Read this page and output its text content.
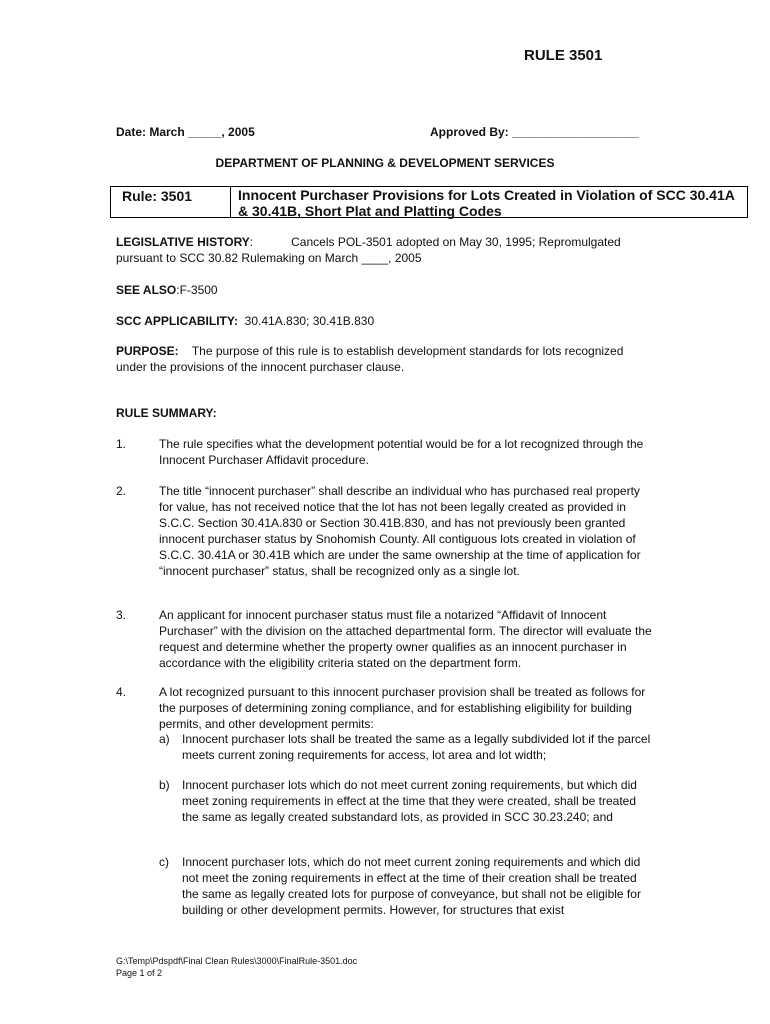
RULE 3501
Date: March _____, 2005	Approved By: ___________________
DEPARTMENT OF PLANNING & DEVELOPMENT SERVICES
Rule: 3501	Innocent Purchaser Provisions for Lots Created in Violation of SCC 30.41A & 30.41B, Short Plat and Platting Codes
LEGISLATIVE HISTORY:	Cancels POL-3501 adopted on May 30, 1995; Repromulgated pursuant to SCC 30.82 Rulemaking on March ____, 2005
SEE ALSO:F-3500
SCC APPLICABILITY: 30.41A.830; 30.41B.830
PURPOSE: The purpose of this rule is to establish development standards for lots recognized under the provisions of the innocent purchaser clause.
RULE SUMMARY:
1.	The rule specifies what the development potential would be for a lot recognized through the Innocent Purchaser Affidavit procedure.
2.	The title “innocent purchaser” shall describe an individual who has purchased real property for value, has not received notice that the lot has not been legally created as provided in S.C.C. Section 30.41A.830 or Section 30.41B.830, and has not previously been granted innocent purchaser status by Snohomish County. All contiguous lots created in violation of S.C.C. 30.41A or 30.41B which are under the same ownership at the time of application for “innocent purchaser” status, shall be recognized only as a single lot.
3.	An applicant for innocent purchaser status must file a notarized “Affidavit of Innocent Purchaser” with the division on the attached departmental form. The director will evaluate the request and determine whether the property owner qualifies as an innocent purchaser in accordance with the eligibility criteria stated on the department form.
4.	A lot recognized pursuant to this innocent purchaser provision shall be treated as follows for the purposes of determining zoning compliance, and for establishing eligibility for building permits, and other development permits:
a) Innocent purchaser lots shall be treated the same as a legally subdivided lot if the parcel meets current zoning requirements for access, lot area and lot width;
b) Innocent purchaser lots which do not meet current zoning requirements, but which did meet zoning requirements in effect at the time that they were created, shall be treated the same as legally created substandard lots, as provided in SCC 30.23.240; and
c) Innocent purchaser lots, which do not meet current zoning requirements and which did not meet the zoning requirements in effect at the time of their creation shall be treated the same as legally created lots for purpose of conveyance, but shall not be eligible for building or other development permits. However, for structures that exist
G:\Temp\Pdspdf\Final Clean Rules\3000\FinalRule-3501.doc
Page 1 of 2
